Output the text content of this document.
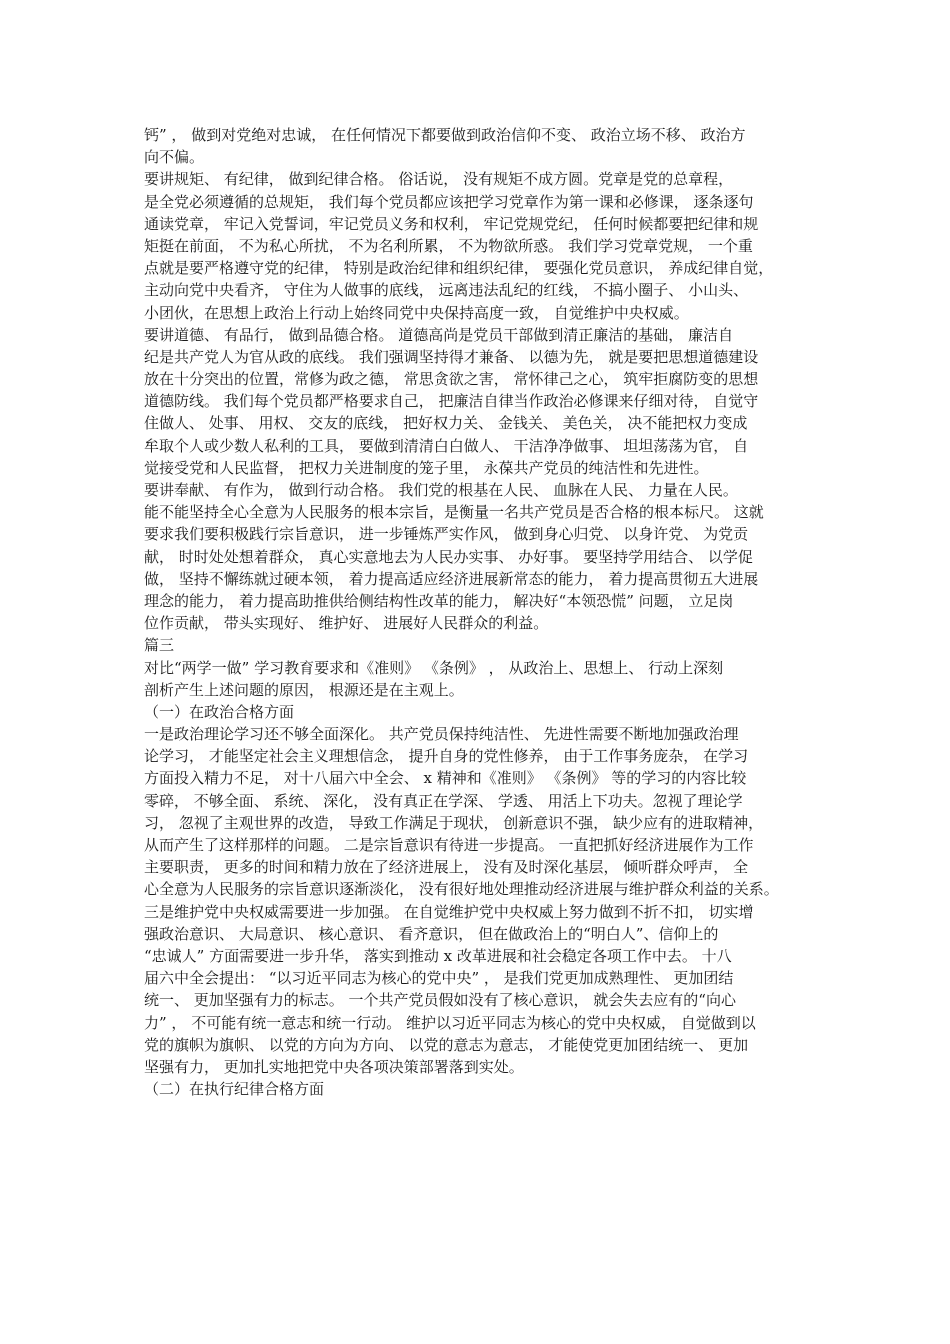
钙” ， 做到对党绝对忠诚， 在任何情况下都要做到政治信仰不变、 政治立场不移、 政治方
向不偏。
要讲规矩、 有纪律， 做到纪律合格。 俗话说， 没有规矩不成方圆。党章是党的总章程，
是全党必须遵循的总规矩， 我们每个党员都应该把学习党章作为第一课和必修课， 逐条逐句
通读党章， 牢记入党誓词，牢记党员义务和权利， 牢记党规党纪， 任何时候都要把纪律和规
矩挺在前面， 不为私心所扰， 不为名利所累， 不为物欲所惑。 我们学习党章党规， 一个重
点就是要严格遵守党的纪律， 特别是政治纪律和组织纪律， 要强化党员意识， 养成纪律自觉，
主动向党中央看齐， 守住为人做事的底线， 远离违法乱纪的红线， 不搞小圈子、 小山头、
小团伙，在思想上政治上行动上始终同党中央保持高度一致， 自觉维护中央权威。
要讲道德、 有品行， 做到品德合格。 道德高尚是党员干部做到清正廉洁的基础， 廉洁自
纪是共产党人为官从政的底线。 我们强调坚持得才兼备、 以德为先， 就是要把思想道德建设
放在十分突出的位置，常修为政之德， 常思贪欲之害， 常怀律己之心， 筑牢拒腐防变的思想
道德防线。 我们每个党员都严格要求自己， 把廉洁自律当作政治必修课来仔细对待， 自觉守
住做人、 处事、 用权、 交友的底线， 把好权力关、 金钱关、 美色关， 决不能把权力变成
牟取个人或少数人私利的工具， 要做到清清白白做人、 干洁净净做事、 坦坦荡荡为官， 自
觉接受党和人民监督， 把权力关进制度的笼子里， 永葆共产党员的纯洁性和先进性。
要讲奉献、 有作为， 做到行动合格。 我们党的根基在人民、 血脉在人民、 力量在人民。
能不能坚持全心全意为人民服务的根本宗旨，是衡量一名共产党员是否合格的根本标尺。 这就
要求我们要积极践行宗旨意识， 进一步锤炼严实作风， 做到身心归党、 以身许党、 为党贡
献， 时时处处想着群众， 真心实意地去为人民办实事、 办好事。 要坚持学用结合、 以学促
做， 坚持不懈练就过硬本领， 着力提高适应经济进展新常态的能力， 着力提高贯彻五大进展
理念的能力， 着力提高助推供给侧结构性改革的能力， 解决好“本领恐慌” 问题， 立足岗
位作贡献， 带头实现好、 维护好、 进展好人民群众的利益。
篇三
对比“两学一做” 学习教育要求和《准则》 《条例》 ， 从政治上、思想上、 行动上深刻
剖析产生上述问题的原因， 根源还是在主观上。
（一）在政治合格方面
一是政治理论学习还不够全面深化。 共产党员保持纯洁性、 先进性需要不断地加强政治理
论学习， 才能坚定社会主义理想信念， 提升自身的党性修养， 由于工作事务庞杂， 在学习
方面投入精力不足， 对十八届六中全会、 x 精神和《准则》 《条例》 等的学习的内容比较
零碎， 不够全面、 系统、 深化， 没有真正在学深、 学透、 用活上下功夫。忽视了理论学
习， 忽视了主观世界的改造， 导致工作满足于现状， 创新意识不强， 缺少应有的进取精神，
从而产生了这样那样的问题。 二是宗旨意识有待进一步提高。 一直把抓好经济进展作为工作
主要职责， 更多的时间和精力放在了经济进展上， 没有及时深化基层， 倾听群众呼声， 全
心全意为人民服务的宗旨意识逐渐淡化， 没有很好地处理推动经济进展与维护群众利益的关系。
三是维护党中央权威需要进一步加强。 在自觉维护党中央权威上努力做到不折不扣， 切实增
强政治意识、 大局意识、 核心意识、 看齐意识， 但在做政治上的“明白人”、信仰上的
“忠诚人” 方面需要进一步升华， 落实到推动 x 改革进展和社会稳定各项工作中去。 十八
届六中全会提出： “以习近平同志为核心的党中央” ， 是我们党更加成熟理性、 更加团结
统一、 更加坚强有力的标志。 一个共产党员假如没有了核心意识， 就会失去应有的“向心
力” ， 不可能有统一意志和统一行动。 维护以习近平同志为核心的党中央权威， 自觉做到以
党的旗帜为旗帜、 以党的方向为方向、 以党的意志为意志， 才能使党更加团结统一、 更加
坚强有力， 更加扎实地把党中央各项决策部署落到实处。
（二）在执行纪律合格方面
